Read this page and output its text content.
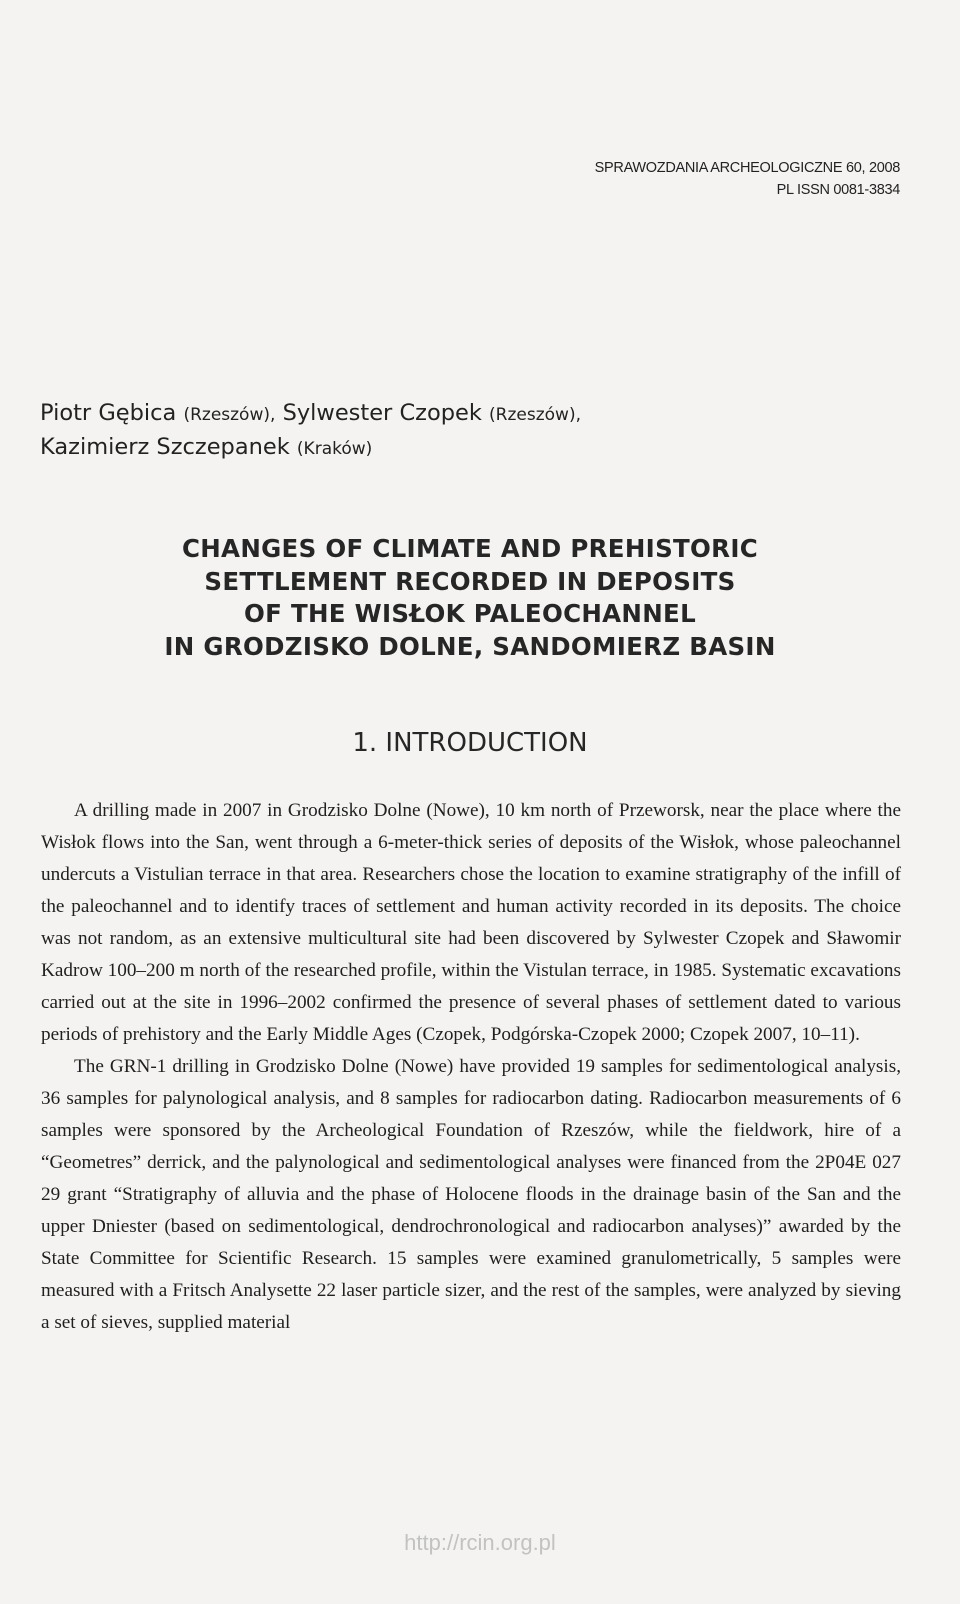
SPRAWOZDANIA ARCHEOLOGICZNE 60, 2008
PL ISSN 0081-3834
Piotr Gębica (Rzeszów), Sylwester Czopek (Rzeszów),
Kazimierz Szczepanek (Kraków)
CHANGES OF CLIMATE AND PREHISTORIC
SETTLEMENT RECORDED IN DEPOSITS
OF THE WISŁOK PALEOCHANNEL
IN GRODZISKO DOLNE, SANDOMIERZ BASIN
1. INTRODUCTION

A drilling made in 2007 in Grodzisko Dolne (Nowe), 10 km north of Przeworsk, near the place where the Wisłok flows into the San, went through a 6-meter-thick series of deposits of the Wisłok, whose paleochannel undercuts a Vistulian terrace in that area. Researchers chose the location to examine stratigraphy of the infill of the paleochannel and to identify traces of settlement and human activity recorded in its deposits. The choice was not random, as an extensive multicultural site had been discovered by Sylwester Czopek and Sławomir Kadrow 100–200 m north of the researched profile, within the Vistulan terrace, in 1985. Systematic excavations carried out at the site in 1996–2002 confirmed the presence of several phases of settlement dated to various periods of prehistory and the Early Middle Ages (Czopek, Podgórska-Czopek 2000; Czopek 2007, 10–11).

The GRN-1 drilling in Grodzisko Dolne (Nowe) have provided 19 samples for sedimentological analysis, 36 samples for palynological analysis, and 8 samples for radiocarbon dating. Radiocarbon measurements of 6 samples were sponsored by the Archeological Foundation of Rzeszów, while the fieldwork, hire of a “Geometres” derrick, and the palynological and sedimentological analyses were financed from the 2P04E 027 29 grant “Stratigraphy of alluvia and the phase of Holocene floods in the drainage basin of the San and the upper Dniester (based on sedimentological, dendrochronological and radiocarbon analyses)” awarded by the State Committee for Scientific Research. 15 samples were examined granulometrically, 5 samples were measured with a Fritsch Analysette 22 laser particle sizer, and the rest of the samples, were analyzed by sieving a set of sieves, supplied material

http://rcin.org.pl
